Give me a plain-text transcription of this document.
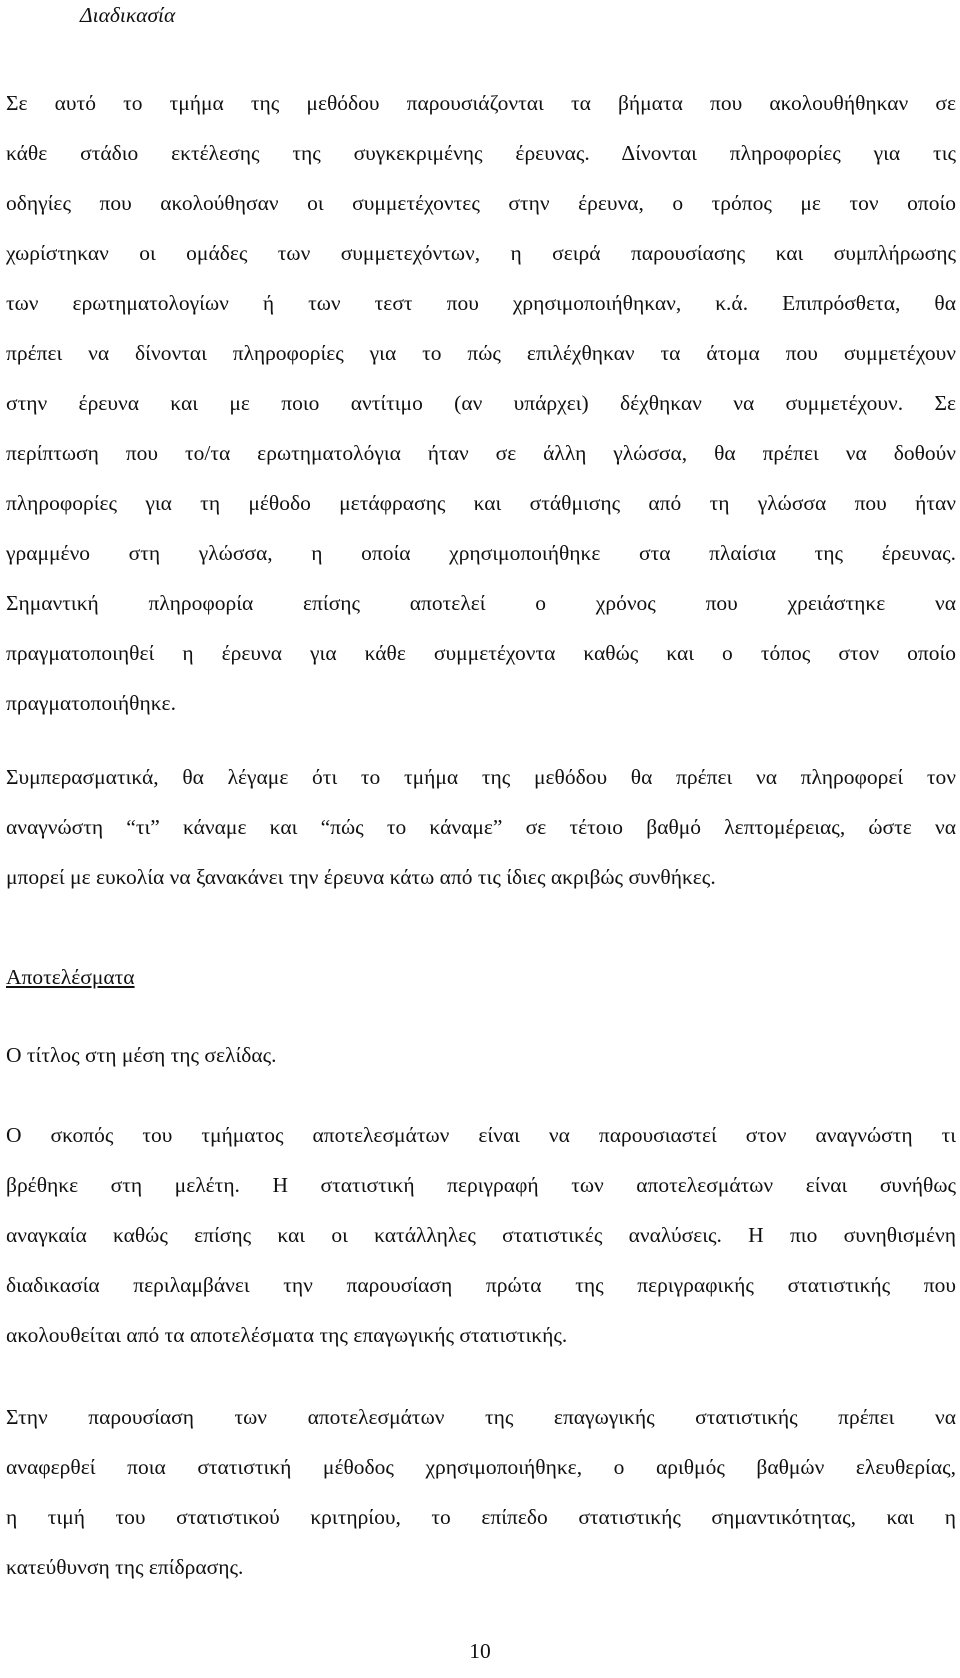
Διαδικασία
Σε αυτό το τμήμα της μεθόδου παρουσιάζονται τα βήματα που ακολουθήθηκαν σε
κάθε στάδιο εκτέλεσης της συγκεκριμένης έρευνας. Δίνονται πληροφορίες για τις
οδηγίες που ακολούθησαν οι συμμετέχοντες στην έρευνα, ο τρόπος με τον οποίο
χωρίστηκαν οι ομάδες των συμμετεχόντων, η σειρά παρουσίασης και συμπλήρωσης
των ερωτηματολογίων ή των τεστ που χρησιμοποιήθηκαν, κ.ά. Επιπρόσθετα, θα
πρέπει να δίνονται πληροφορίες για το πώς επιλέχθηκαν τα άτομα που συμμετέχουν
στην έρευνα και με ποιο αντίτιμο (αν υπάρχει) δέχθηκαν να συμμετέχουν. Σε
περίπτωση που το/τα ερωτηματολόγια ήταν σε άλλη γλώσσα, θα πρέπει να δοθούν
πληροφορίες για τη μέθοδο μετάφρασης και στάθμισης από τη γλώσσα που ήταν
γραμμένο στη γλώσσα, η οποία χρησιμοποιήθηκε στα πλαίσια της έρευνας.
Σημαντική πληροφορία επίσης αποτελεί ο χρόνος που χρειάστηκε να
πραγματοποιηθεί η έρευνα για κάθε συμμετέχοντα καθώς και ο τόπος στον οποίο
πραγματοποιήθηκε.
Συμπερασματικά, θα λέγαμε ότι το τμήμα της μεθόδου θα πρέπει να πληροφορεί τον
αναγνώστη “τι” κάναμε και “πώς το κάναμε” σε τέτοιο βαθμό λεπτομέρειας, ώστε να
μπορεί με ευκολία να ξανακάνει την έρευνα κάτω από τις ίδιες ακριβώς συνθήκες.
Αποτελέσματα
Ο τίτλος στη μέση της σελίδας.
Ο σκοπός του τμήματος αποτελεσμάτων είναι να παρουσιαστεί στον αναγνώστη τι
βρέθηκε στη μελέτη. Η στατιστική περιγραφή των αποτελεσμάτων είναι συνήθως
αναγκαία καθώς επίσης και οι κατάλληλες στατιστικές αναλύσεις. Η πιο συνηθισμένη
διαδικασία περιλαμβάνει την παρουσίαση πρώτα της περιγραφικής στατιστικής που
ακολουθείται από τα αποτελέσματα της επαγωγικής στατιστικής.
Στην παρουσίαση των αποτελεσμάτων της επαγωγικής στατιστικής πρέπει να
αναφερθεί ποια στατιστική μέθοδος χρησιμοποιήθηκε, ο αριθμός βαθμών ελευθερίας,
η τιμή του στατιστικού κριτηρίου, το επίπεδο στατιστικής σημαντικότητας, και η
κατεύθυνση της επίδρασης.
10
